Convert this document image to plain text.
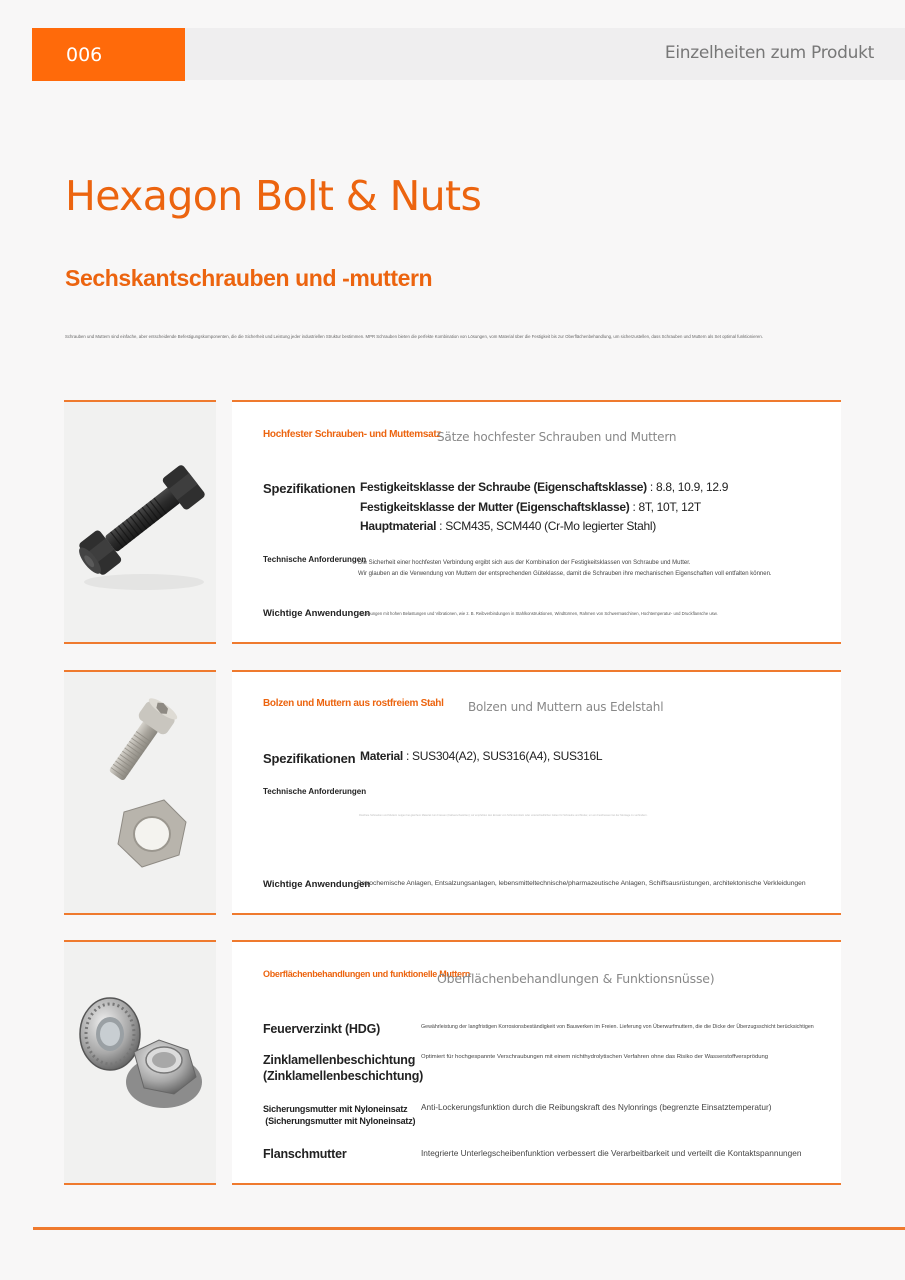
006	Einzelheiten zum Produkt
Hexagon Bolt & Nuts
Sechskantschrauben und -muttern

Schrauben und Muttern sind einfache, aber entscheidende Befestigungskomponenten, die die Sicherheit und Leistung jeder industriellen Struktur bestimmen. MPR Schrauben bieten die perfekte Kombination von Lösungen, vom Material über die Festigkeit bis zur Oberflächenbehandlung, um sicherzustellen, dass Schrauben und Muttern als Set optimal funktionieren.

Hochfester Schrauben- und Muttemsatz
Sätze hochfester Schrauben und Muttern
Spezifikationen Festigkeitsklasse der Schraube (Eigenschaftsklasse) : 8.8, 10.9, 12.9
Festigkeitsklasse der Mutter (Eigenschaftsklasse) : 8T, 10T, 12T
Hauptmaterial : SCM435, SCM440 (Cr-Mo legierter Stahl)
Technische Anforderungen
Die Sicherheit einer hochfesten Verbindung ergibt sich aus der Kombination der Festigkeitsklassen von Schraube und Mutter.
Wir glauben an die Verwendung von Muttern der entsprechenden Güteklasse, damit die Schrauben ihre mechanischen Eigenschaften voll entfalten können.
Wichtige Anwendungen
Umgebungen mit hohen Belastungen und Vibrationen, wie z. B. Reibverbindungen in Stahlkonstruktionen, Windtürmen, Rahmen von Schwermaschinen, Hochtemperatur- und Druckflansche usw.
Bolzen und Muttern aus rostfreiem Stahl Bolzen und Muttern aus Edelstahl
Spezifikationen Material : SUS304(A2), SUS316(A4), SUS316L
Technische Anforderungen
Rostfreie Schrauben und Muttern neigen bei gleichem Material zum Fressen (Kaltverschweißen); wir empfehlen den Einsatz von Schmiermitteln oder unterschiedlichen Güten für Schraube und Mutter, um ein Festfressen bei der Montage zu verhindern.
Wichtige Anwendungen
Petrochemische Anlagen, Entsalzungsanlagen, lebensmitteltechnische/pharmazeutische Anlagen, Schiffsausrüstungen, architektonische Verkleidungen
Oberflächenbehandlungen und funktionelle Muttern
Oberflächenbehandlungen & Funktionsnüsse)
Feuerverzinkt (HDG)	Gewährleistung der langfristigen Korrosionsbeständigkeit von Bauwerken im Freien. Lieferung von Überwurfmuttern, die die Dicke der Überzugsschicht berücksichtigen
Zinklamellenbeschichtung
(Zinklamellenbeschichtung)
Optimiert für hochgespannte Verschraubungen mit einem nichthydrolytischen Verfahren ohne das Risiko der Wasserstoffversprödung
Sicherungsmutter mit Nyloneinsatz
(Sicherungsmutter mit Nyloneinsatz)
Anti-Lockerungsfunktion durch die Reibungskraft des Nylonrings (begrenzte Einsatztemperatur)
Flanschmutter	Integrierte Unterlegscheibenfunktion verbessert die Verarbeitbarkeit und verteilt die Kontaktspannungen
